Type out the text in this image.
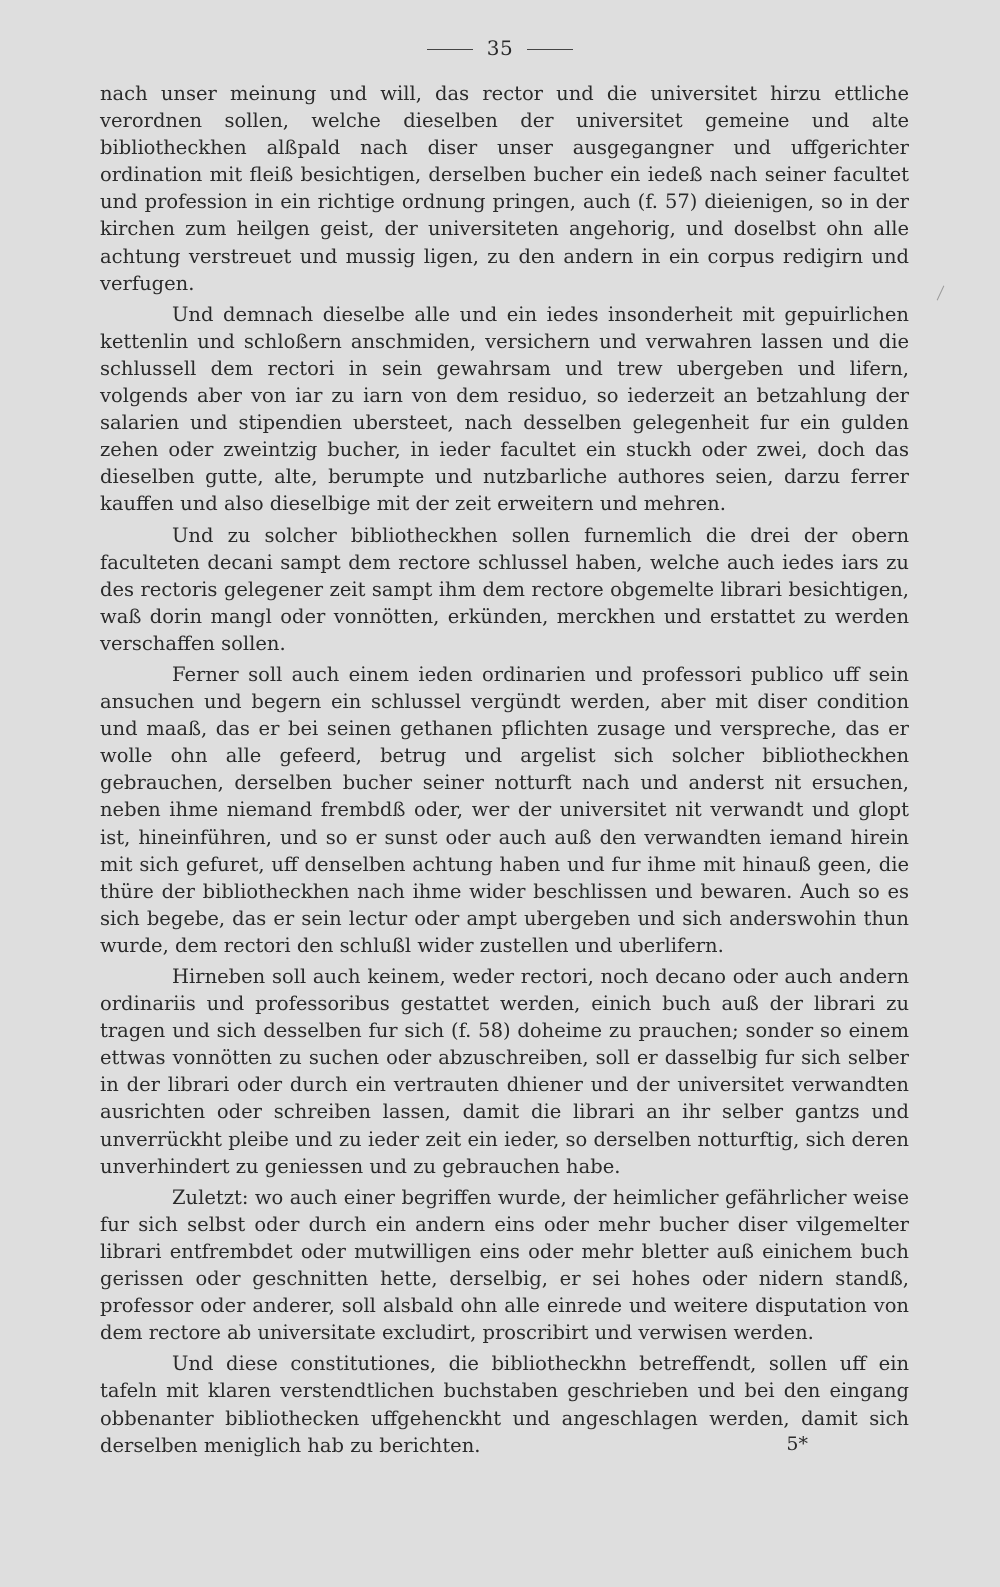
35

nach unser meinung und will, das rector und die universitet hirzu ettliche verordnen sollen, welche dieselben der universitet gemeine und alte bibliotheckhen alßpald nach diser unser ausgegangner und uffgerichter ordination mit fleiß besichtigen, derselben bucher ein iedeß nach seiner facultet und profession in ein richtige ordnung pringen, auch (f. 57) dieienigen, so in der kirchen zum heilgen geist, der universiteten angehorig, und doselbst ohn alle achtung verstreuet und mussig ligen, zu den andern in ein corpus redigirn und verfugen.

Und demnach dieselbe alle und ein iedes insonderheit mit gepuirlichen kettenlin und schloßern anschmiden, versichern und verwahren lassen und die schlussell dem rectori in sein gewahrsam und trew ubergeben und lifern, volgends aber von iar zu iarn von dem residuo, so iederzeit an betzahlung der salarien und stipendien ubersteet, nach desselben gelegenheit fur ein gulden zehen oder zweintzig bucher, in ieder facultet ein stuckh oder zwei, doch das dieselben gutte, alte, berumpte und nutzbarliche authores seien, darzu ferrer kauffen und also dieselbige mit der zeit erweitern und mehren.

Und zu solcher bibliotheckhen sollen furnemlich die drei der obern facultеten decani sampt dem rectore schlussel haben, welche auch iedes iars zu des rectoris gelegener zeit sampt ihm dem rectore obgemelte librari besichtigen, waß dorin mangl oder vonnötten, erkünden, merckhen und erstattet zu werden verschaffen sollen.

Ferner soll auch einem ieden ordinarien und professori publico uff sein ansuchen und begern ein schlussel vergündt werden, aber mit diser condition und maaß, das er bei seinen gethanen pflichten zusage und verspreche, das er wolle ohn alle gefeerd, betrug und argelist sich solcher bibliotheckhen gebrauchen, derselben bucher seiner notturft nach und anderst nit ersuchen, neben ihme niemand frembdß oder, wer der universitet nit verwandt und glopt ist, hineinführen, und so er sunst oder auch auß den verwandten iemand hirein mit sich gefuret, uff denselben achtung haben und fur ihme mit hinauß geen, die thüre der bibliotheckhen nach ihme wider beschlissen und bewaren. Auch so es sich begebe, das er sein lectur oder ampt ubergeben und sich anderswohin thun wurde, dem rectori den schlußl wider zustellen und uberlifern.

Hirneben soll auch keinem, weder rectori, noch decano oder auch andern ordinariis und professoribus gestattet werden, einich buch auß der librari zu tragen und sich desselben fur sich (f. 58) doheime zu prauchen; sonder so einem ettwas vonnötten zu suchen oder abzuschreiben, soll er dasselbig fur sich selber in der librari oder durch ein vertrauten dhiener und der universitet verwandten ausrichten oder schreiben lassen, damit die librari an ihr selber gantzs und unverrückht pleibe und zu ieder zeit ein ieder, so derselben notturftig, sich deren unverhindert zu geniessen und zu gebrauchen habe.

Zuletzt: wo auch einer begriffen wurde, der heimlicher gefährlicher weise fur sich selbst oder durch ein andern eins oder mehr bucher diser vilgemelter librari entfrembdet oder mutwilligen eins oder mehr bletter auß einichem buch gerissen oder geschnitten hette, derselbig, er sei hohes oder nidern standß, professor oder anderer, soll alsbald ohn alle einrede und weitere disputation von dem rectore ab universitate excludirt, proscribirt und verwisen werden.

Und diese constitutiones, die bibliotheckhn betreffendt, sollen uff ein tafeln mit klaren verstendtlichen buchstaben geschrieben und bei den eingang obbenanter bibliothecken uffgehenckht und angeschlagen werden, damit sich derselben meniglich hab zu berichten.	5*
